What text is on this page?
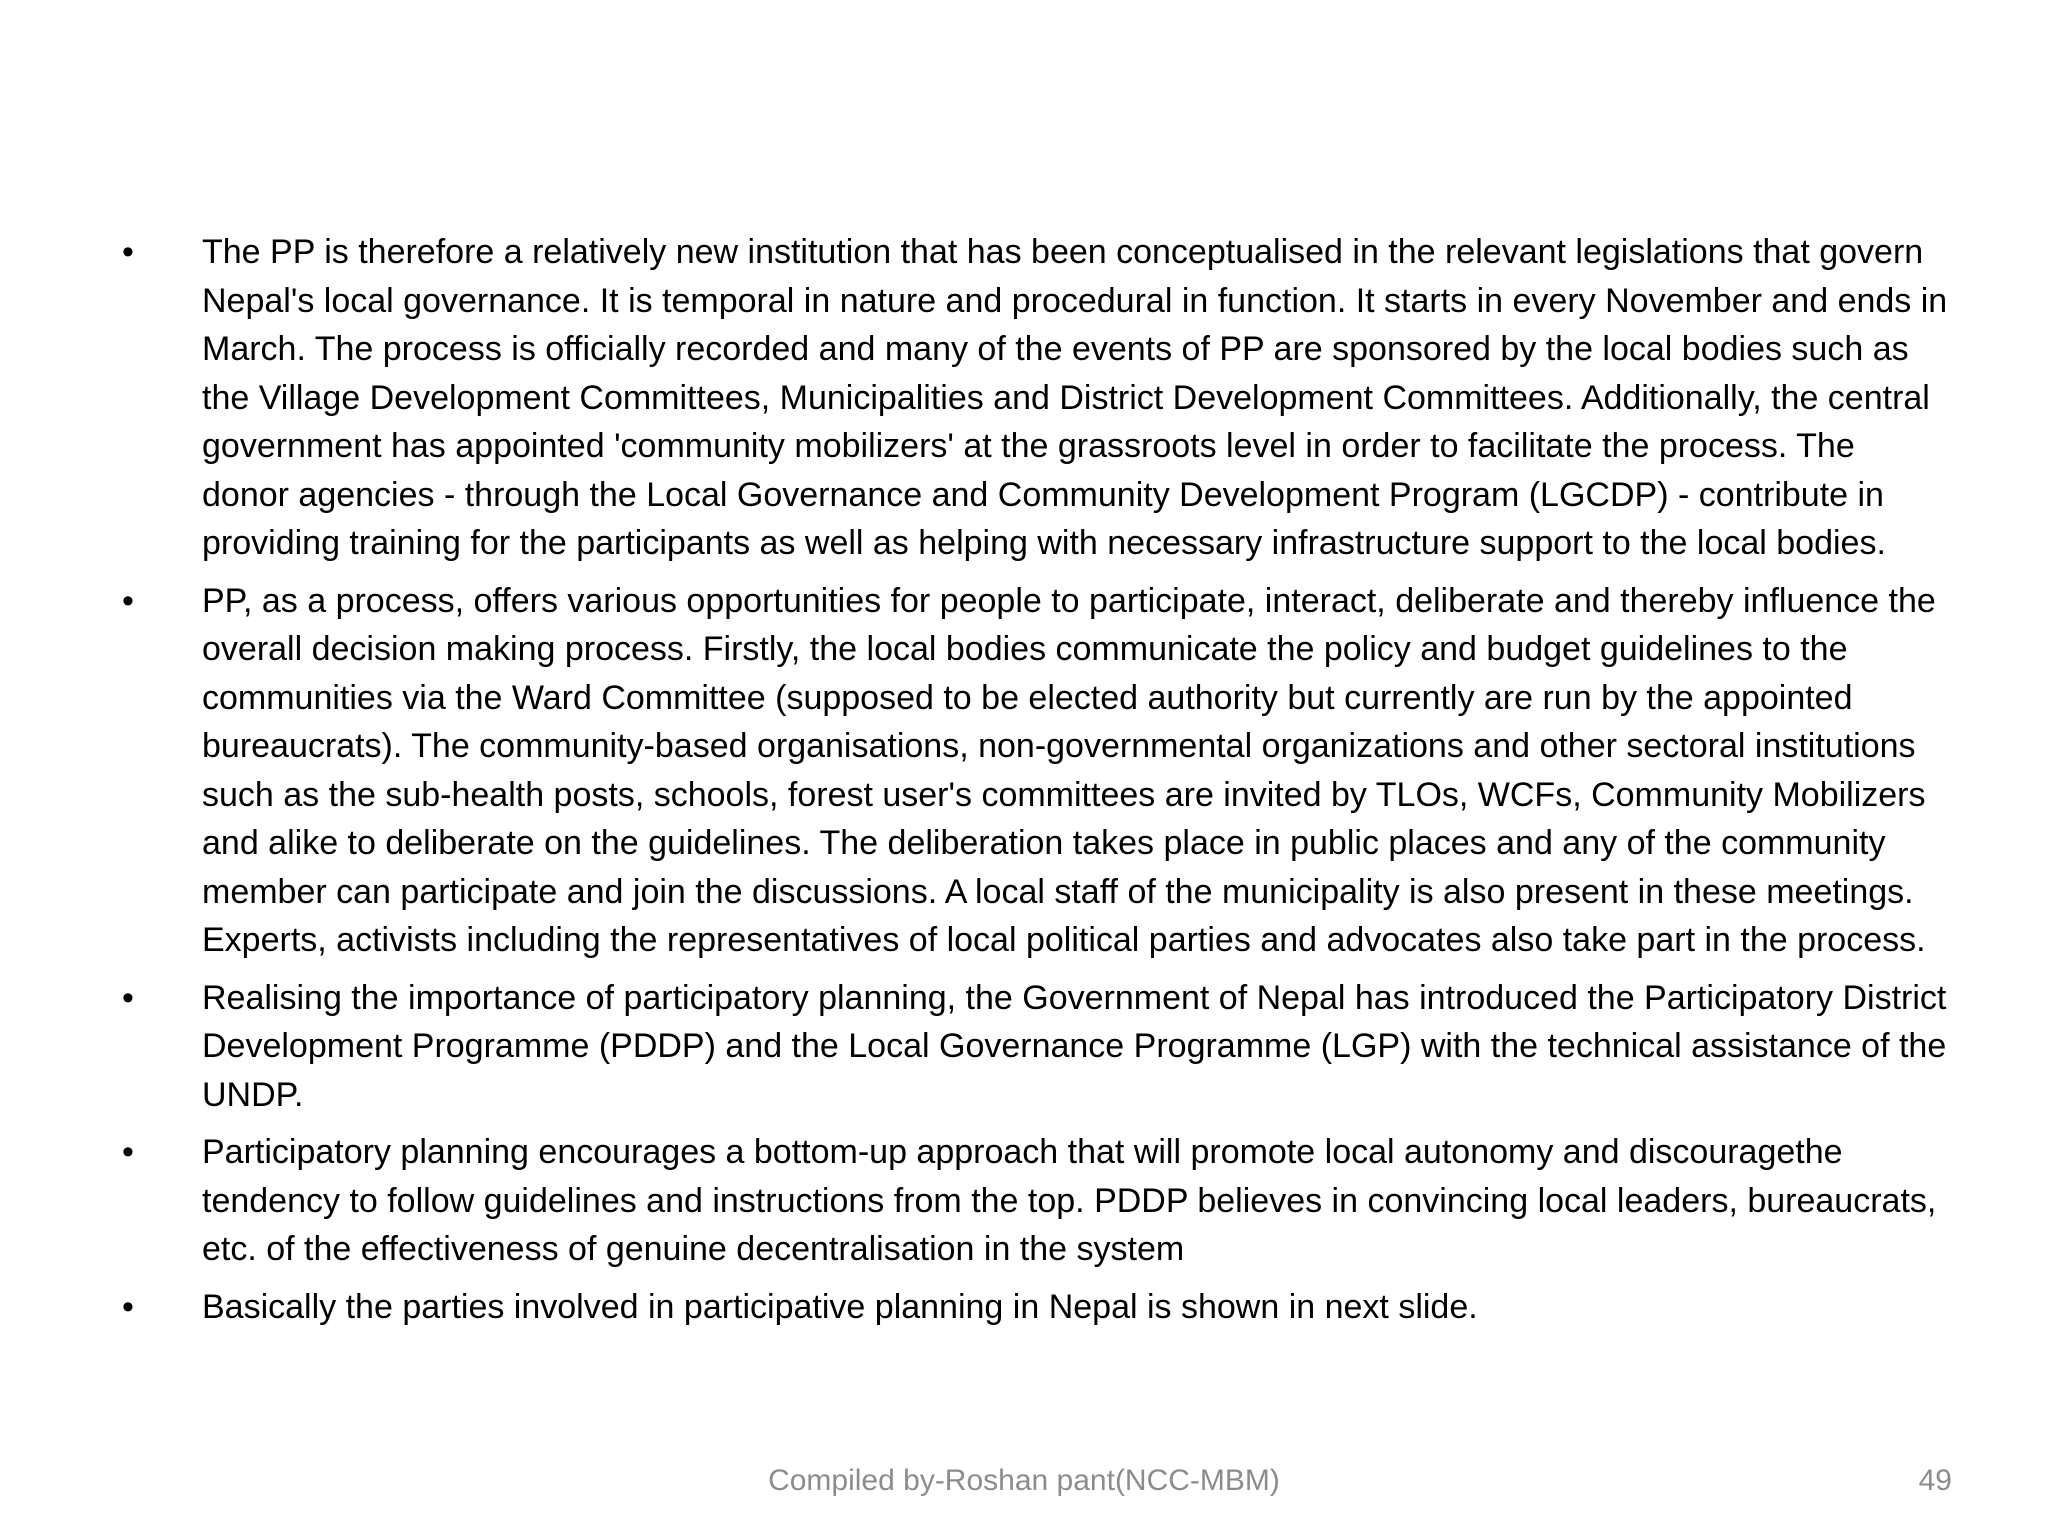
• The PP is therefore a relatively new institution that has been conceptualised in the relevant legislations that govern Nepal's local governance. It is temporal in nature and procedural in function. It starts in every November and ends in March. The process is officially recorded and many of the events of PP are sponsored by the local bodies such as the Village Development Committees, Municipalities and District Development Committees. Additionally, the central government has appointed 'community mobilizers' at the grassroots level in order to facilitate the process. The donor agencies - through the Local Governance and Community Development Program (LGCDP) - contribute in providing training for the participants as well as helping with necessary infrastructure support to the local bodies.
• PP, as a process, offers various opportunities for people to participate, interact, deliberate and thereby influence the overall decision making process. Firstly, the local bodies communicate the policy and budget guidelines to the communities via the Ward Committee (supposed to be elected authority but currently are run by the appointed bureaucrats). The community-based organisations, non-governmental organizations and other sectoral institutions such as the sub-health posts, schools, forest user's committees are invited by TLOs, WCFs, Community Mobilizers and alike to deliberate on the guidelines. The deliberation takes place in public places and any of the community member can participate and join the discussions. A local staff of the municipality is also present in these meetings. Experts, activists including the representatives of local political parties and advocates also take part in the process.
• Realising the importance of participatory planning, the Government of Nepal has introduced the Participatory District Development Programme (PDDP) and the Local Governance Programme (LGP) with the technical assistance of the UNDP.
• Participatory planning encourages a bottom-up approach that will promote local autonomy and discouragethe tendency to follow guidelines and instructions from the top. PDDP believes in convincing local leaders, bureaucrats, etc. of the effectiveness of genuine decentralisation in the system
• Basically the parties involved in participative planning in Nepal is shown in next slide.
Compiled by-Roshan pant(NCC-MBM)	49
